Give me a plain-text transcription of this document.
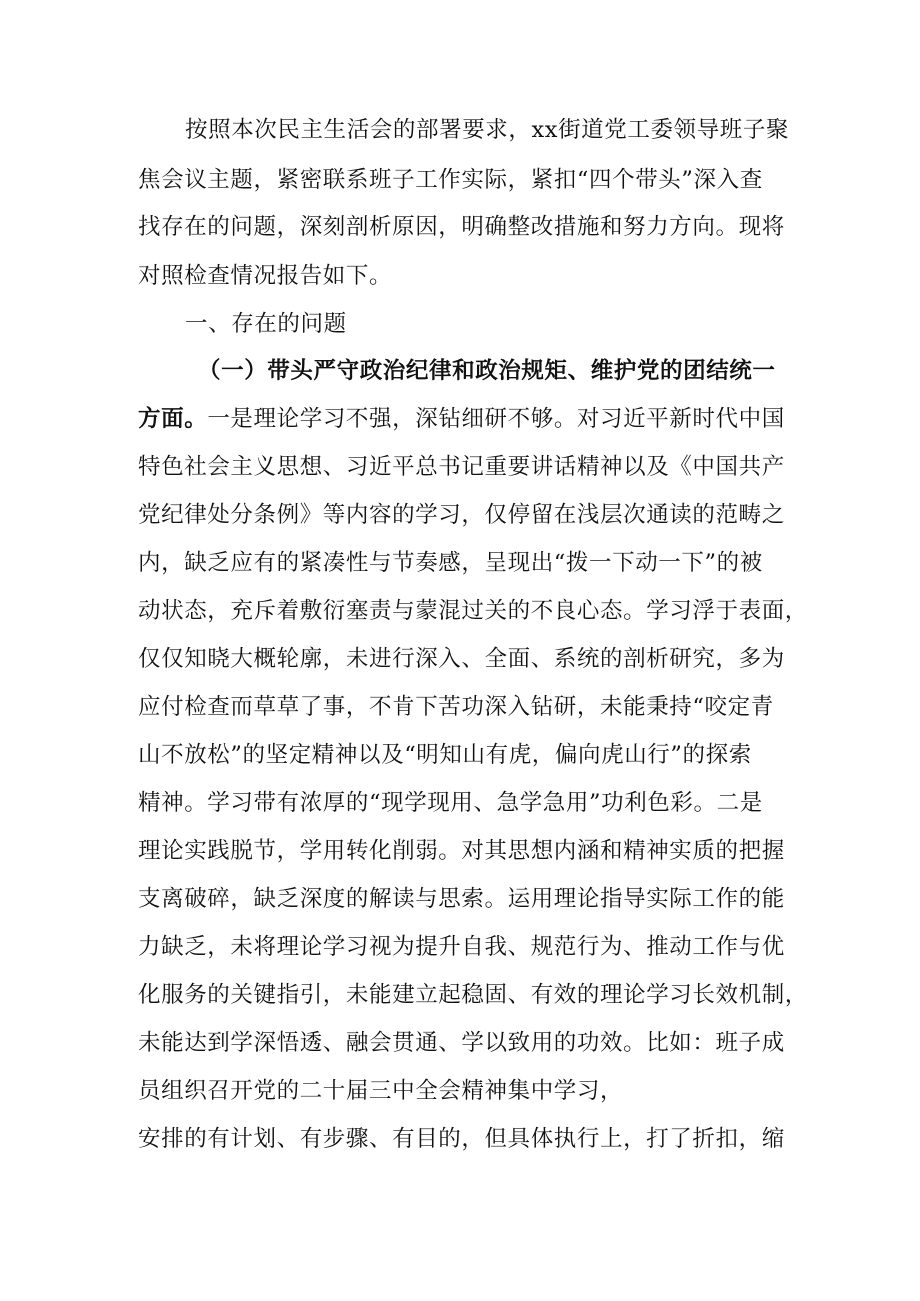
按照本次民主生活会的部署要求，xx街道党工委领导班子聚
焦会议主题，紧密联系班子工作实际，紧扣“四个带头”深入查
找存在的问题，深刻剖析原因，明确整改措施和努力方向。现将
对照检查情况报告如下。
一、存在的问题
（一）带头严守政治纪律和政治规矩、维护党的团结统一
方面。一是理论学习不强，深钻细研不够。对习近平新时代中国
特色社会主义思想、习近平总书记重要讲话精神以及《中国共产
党纪律处分条例》等内容的学习，仅停留在浅层次通读的范畴之
内，缺乏应有的紧凑性与节奏感，呈现出“拨一下动一下”的被
动状态，充斥着敷衍塞责与蒙混过关的不良心态。学习浮于表面，
仅仅知晓大概轮廓，未进行深入、全面、系统的剖析研究，多为
应付检查而草草了事，不肯下苦功深入钻研，未能秉持“咬定青
山不放松”的坚定精神以及“明知山有虎，偏向虎山行”的探索
精神。学习带有浓厚的“现学现用、急学急用”功利色彩。二是
理论实践脱节，学用转化削弱。对其思想内涵和精神实质的把握
支离破碎，缺乏深度的解读与思索。运用理论指导实际工作的能
力缺乏，未将理论学习视为提升自我、规范行为、推动工作与优
化服务的关键指引，未能建立起稳固、有效的理论学习长效机制，
未能达到学深悟透、融会贯通、学以致用的功效。比如：班子成
员组织召开党的二十届三中全会精神集中学习，
安排的有计划、有步骤、有目的，但具体执行上，打了折扣，缩
